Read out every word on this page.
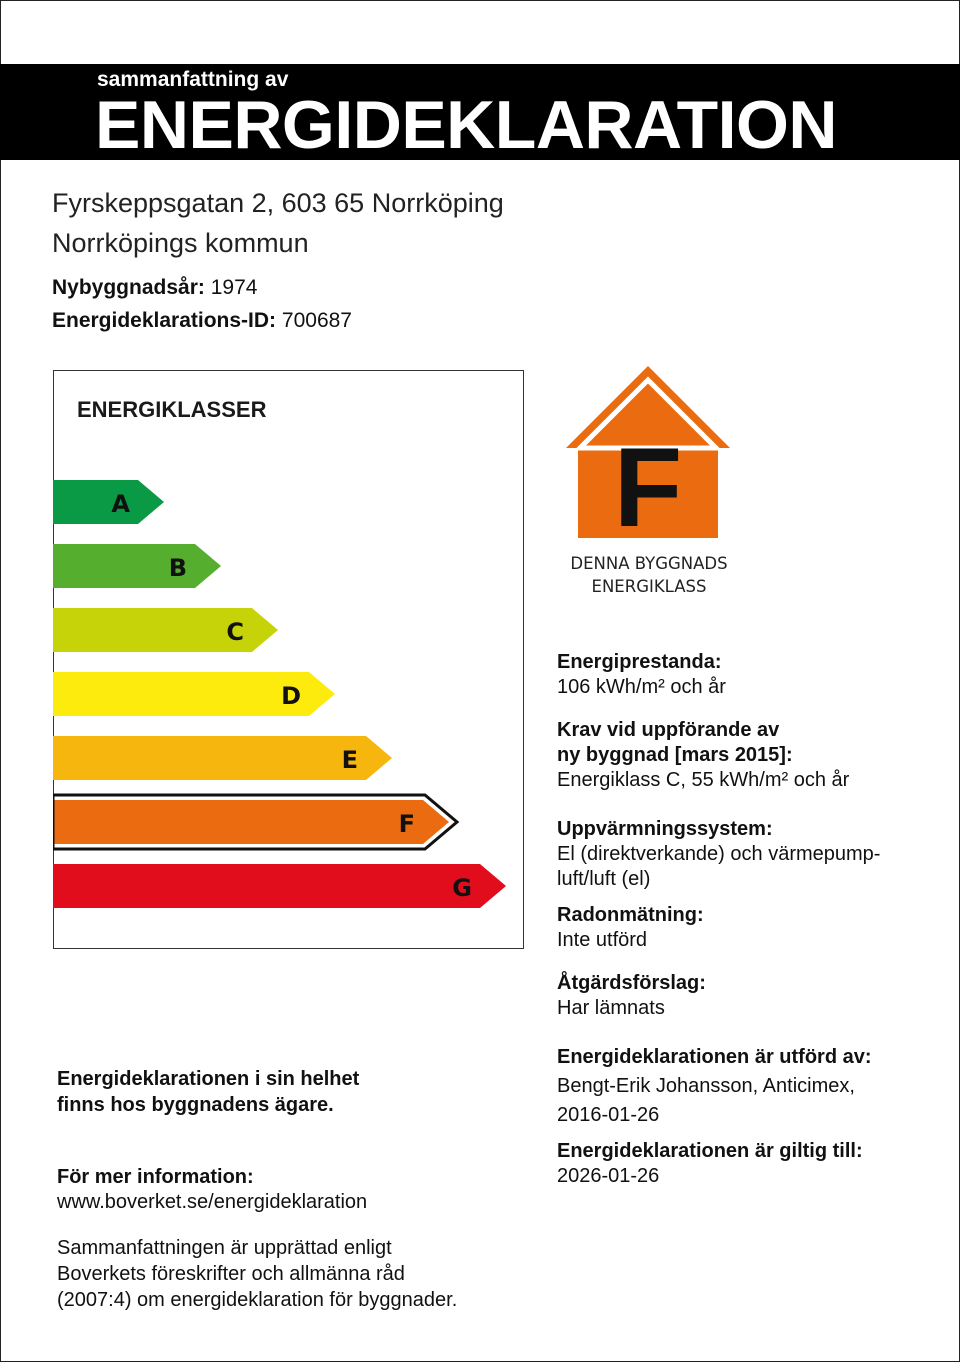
sammanfattning av
ENERGIDEKLARATION
Fyrskeppsgatan 2, 603 65 Norrköping
Norrköpings kommun
Nybyggnadsår: 1974
Energideklarations-ID: 700687
ENERGIKLASSER
A
B
C
D
E
F
G
F
DENNA BYGGNADS
ENERGIKLASS
Energiprestanda:
106 kWh/m² och år
Krav vid uppförande av
ny byggnad [mars 2015]:
Energiklass C, 55 kWh/m² och år
Uppvärmningssystem:
El (direktverkande) och värmepump-
luft/luft (el)
Radonmätning:
Inte utförd
Åtgärdsförslag:
Har lämnats
Energideklarationen är utförd av:
Bengt-Erik Johansson, Anticimex,
2016-01-26
Energideklarationen är giltig till:
2026-01-26
Energideklarationen i sin helhet
finns hos byggnadens ägare.
För mer information:
www.boverket.se/energideklaration
Sammanfattningen är upprättad enligt
Boverkets föreskrifter och allmänna råd
(2007:4) om energideklaration för byggnader.
